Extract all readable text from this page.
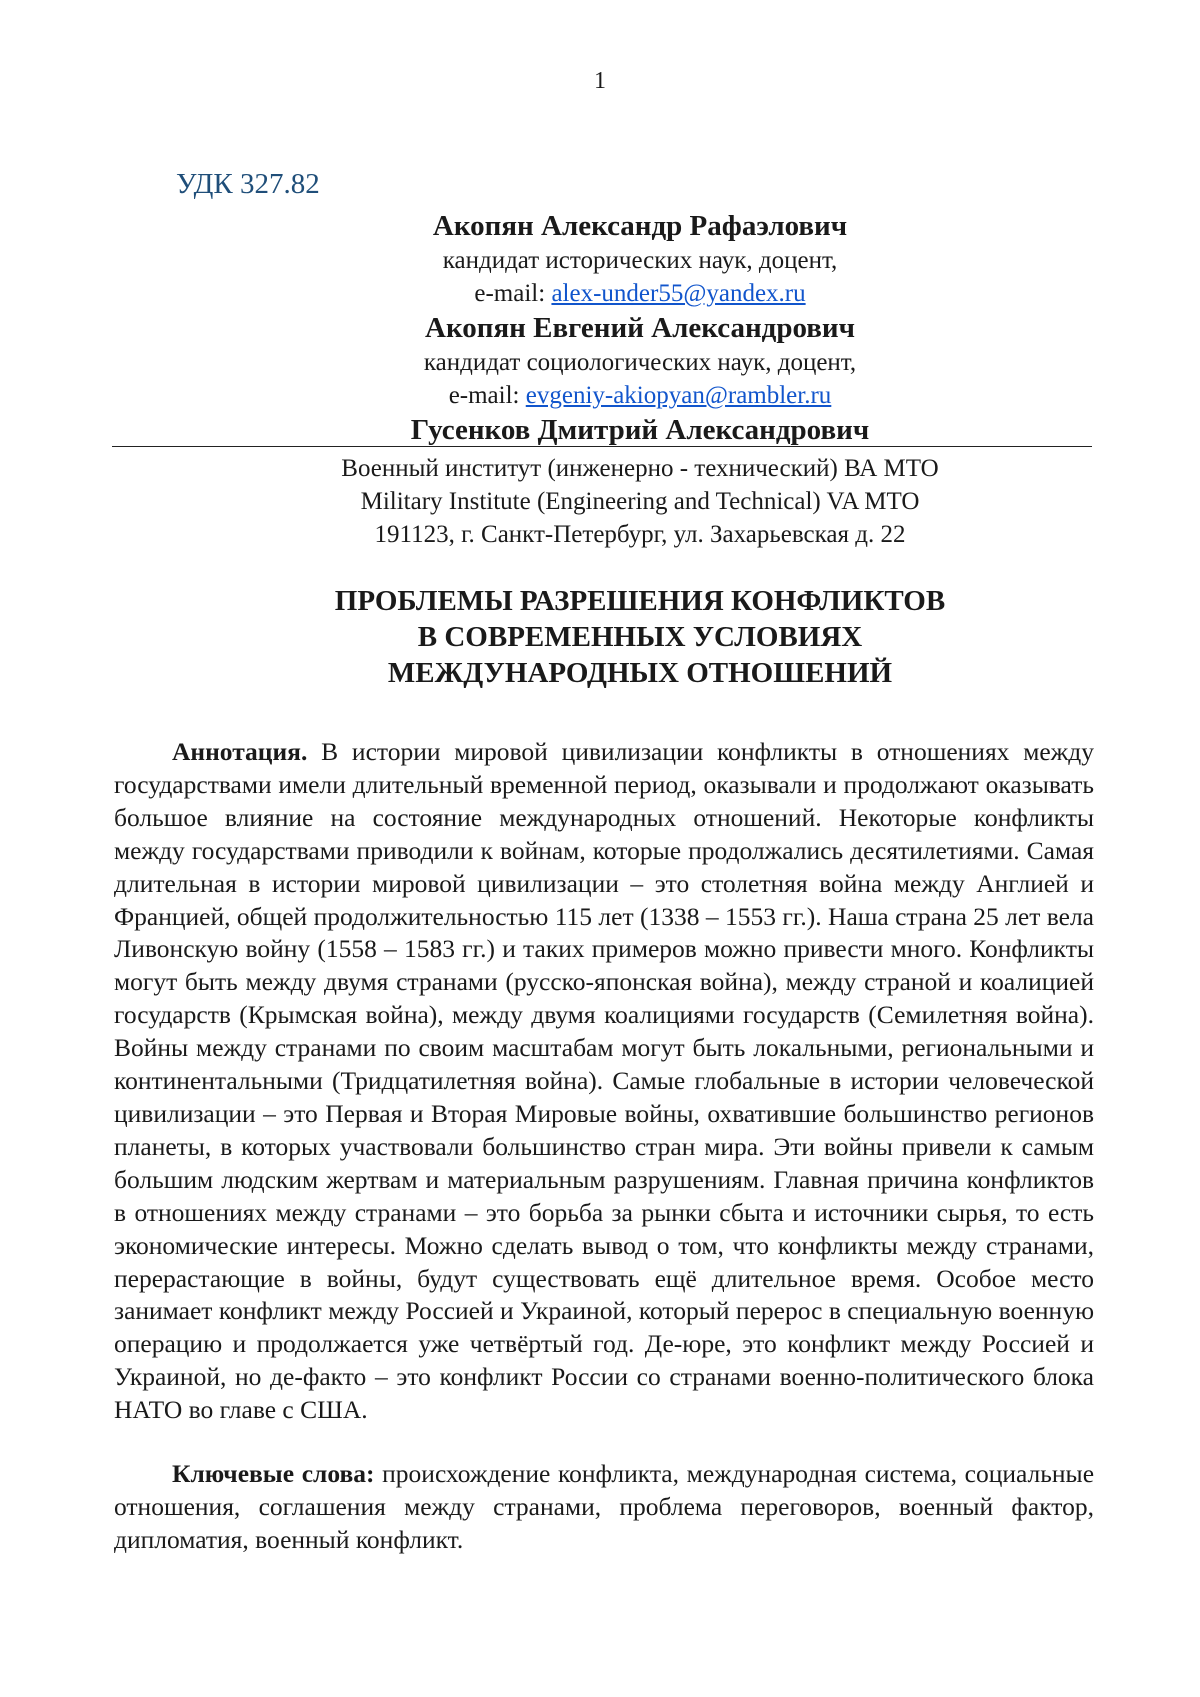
1
УДК 327.82
Акопян Александр Рафаэлович
кандидат исторических наук, доцент,
e-mail: alex-under55@yandex.ru
Акопян Евгений Александрович
кандидат социологических наук, доцент,
e-mail: evgeniy-akiopyan@rambler.ru
Гусенков Дмитрий Александрович
Военный институт (инженерно - технический) ВА МТО
Military Institute (Engineering and Technical) VA MTO
191123, г. Санкт-Петербург, ул. Захарьевская д. 22
ПРОБЛЕМЫ РАЗРЕШЕНИЯ КОНФЛИКТОВ
В СОВРЕМЕННЫХ УСЛОВИЯХ
МЕЖДУНАРОДНЫХ ОТНОШЕНИЙ

Аннотация. В истории мировой цивилизации конфликты в отношениях между государствами имели длительный временной период, оказывали и продолжают оказывать большое влияние на состояние международных отношений. Некоторые конфликты между государствами приводили к войнам, которые продолжались десятилетиями. Самая длительная в истории мировой цивилизации – это столетняя война между Англией и Францией, общей продолжительностью 115 лет (1338 – 1553 гг.). Наша страна 25 лет вела Ливонскую войну (1558 – 1583 гг.) и таких примеров можно привести много. Конфликты могут быть между двумя странами (русско-японская война), между страной и коалицией государств (Крымская война), между двумя коалициями государств (Семилетняя война). Войны между странами по своим масштабам могут быть локальными, региональными и континентальными (Тридцатилетняя война). Самые глобальные в истории человеческой цивилизации – это Первая и Вторая Мировые войны, охватившие большинство регионов планеты, в которых участвовали большинство стран мира. Эти войны привели к самым большим людским жертвам и материальным разрушениям. Главная причина конфликтов в отношениях между странами – это борьба за рынки сбыта и источники сырья, то есть экономические интересы. Можно сделать вывод о том, что конфликты между странами, перерастающие в войны, будут существовать ещё длительное время. Особое место занимает конфликт между Россией и Украиной, который перерос в специальную военную операцию и продолжается уже четвёртый год. Де-юре, это конфликт между Россией и Украиной, но де-факто – это конфликт России со странами военно-политического блока НАТО во главе с США.

Ключевые слова: происхождение конфликта, международная система, социальные отношения, соглашения между странами, проблема переговоров, военный фактор, дипломатия, военный конфликт.
